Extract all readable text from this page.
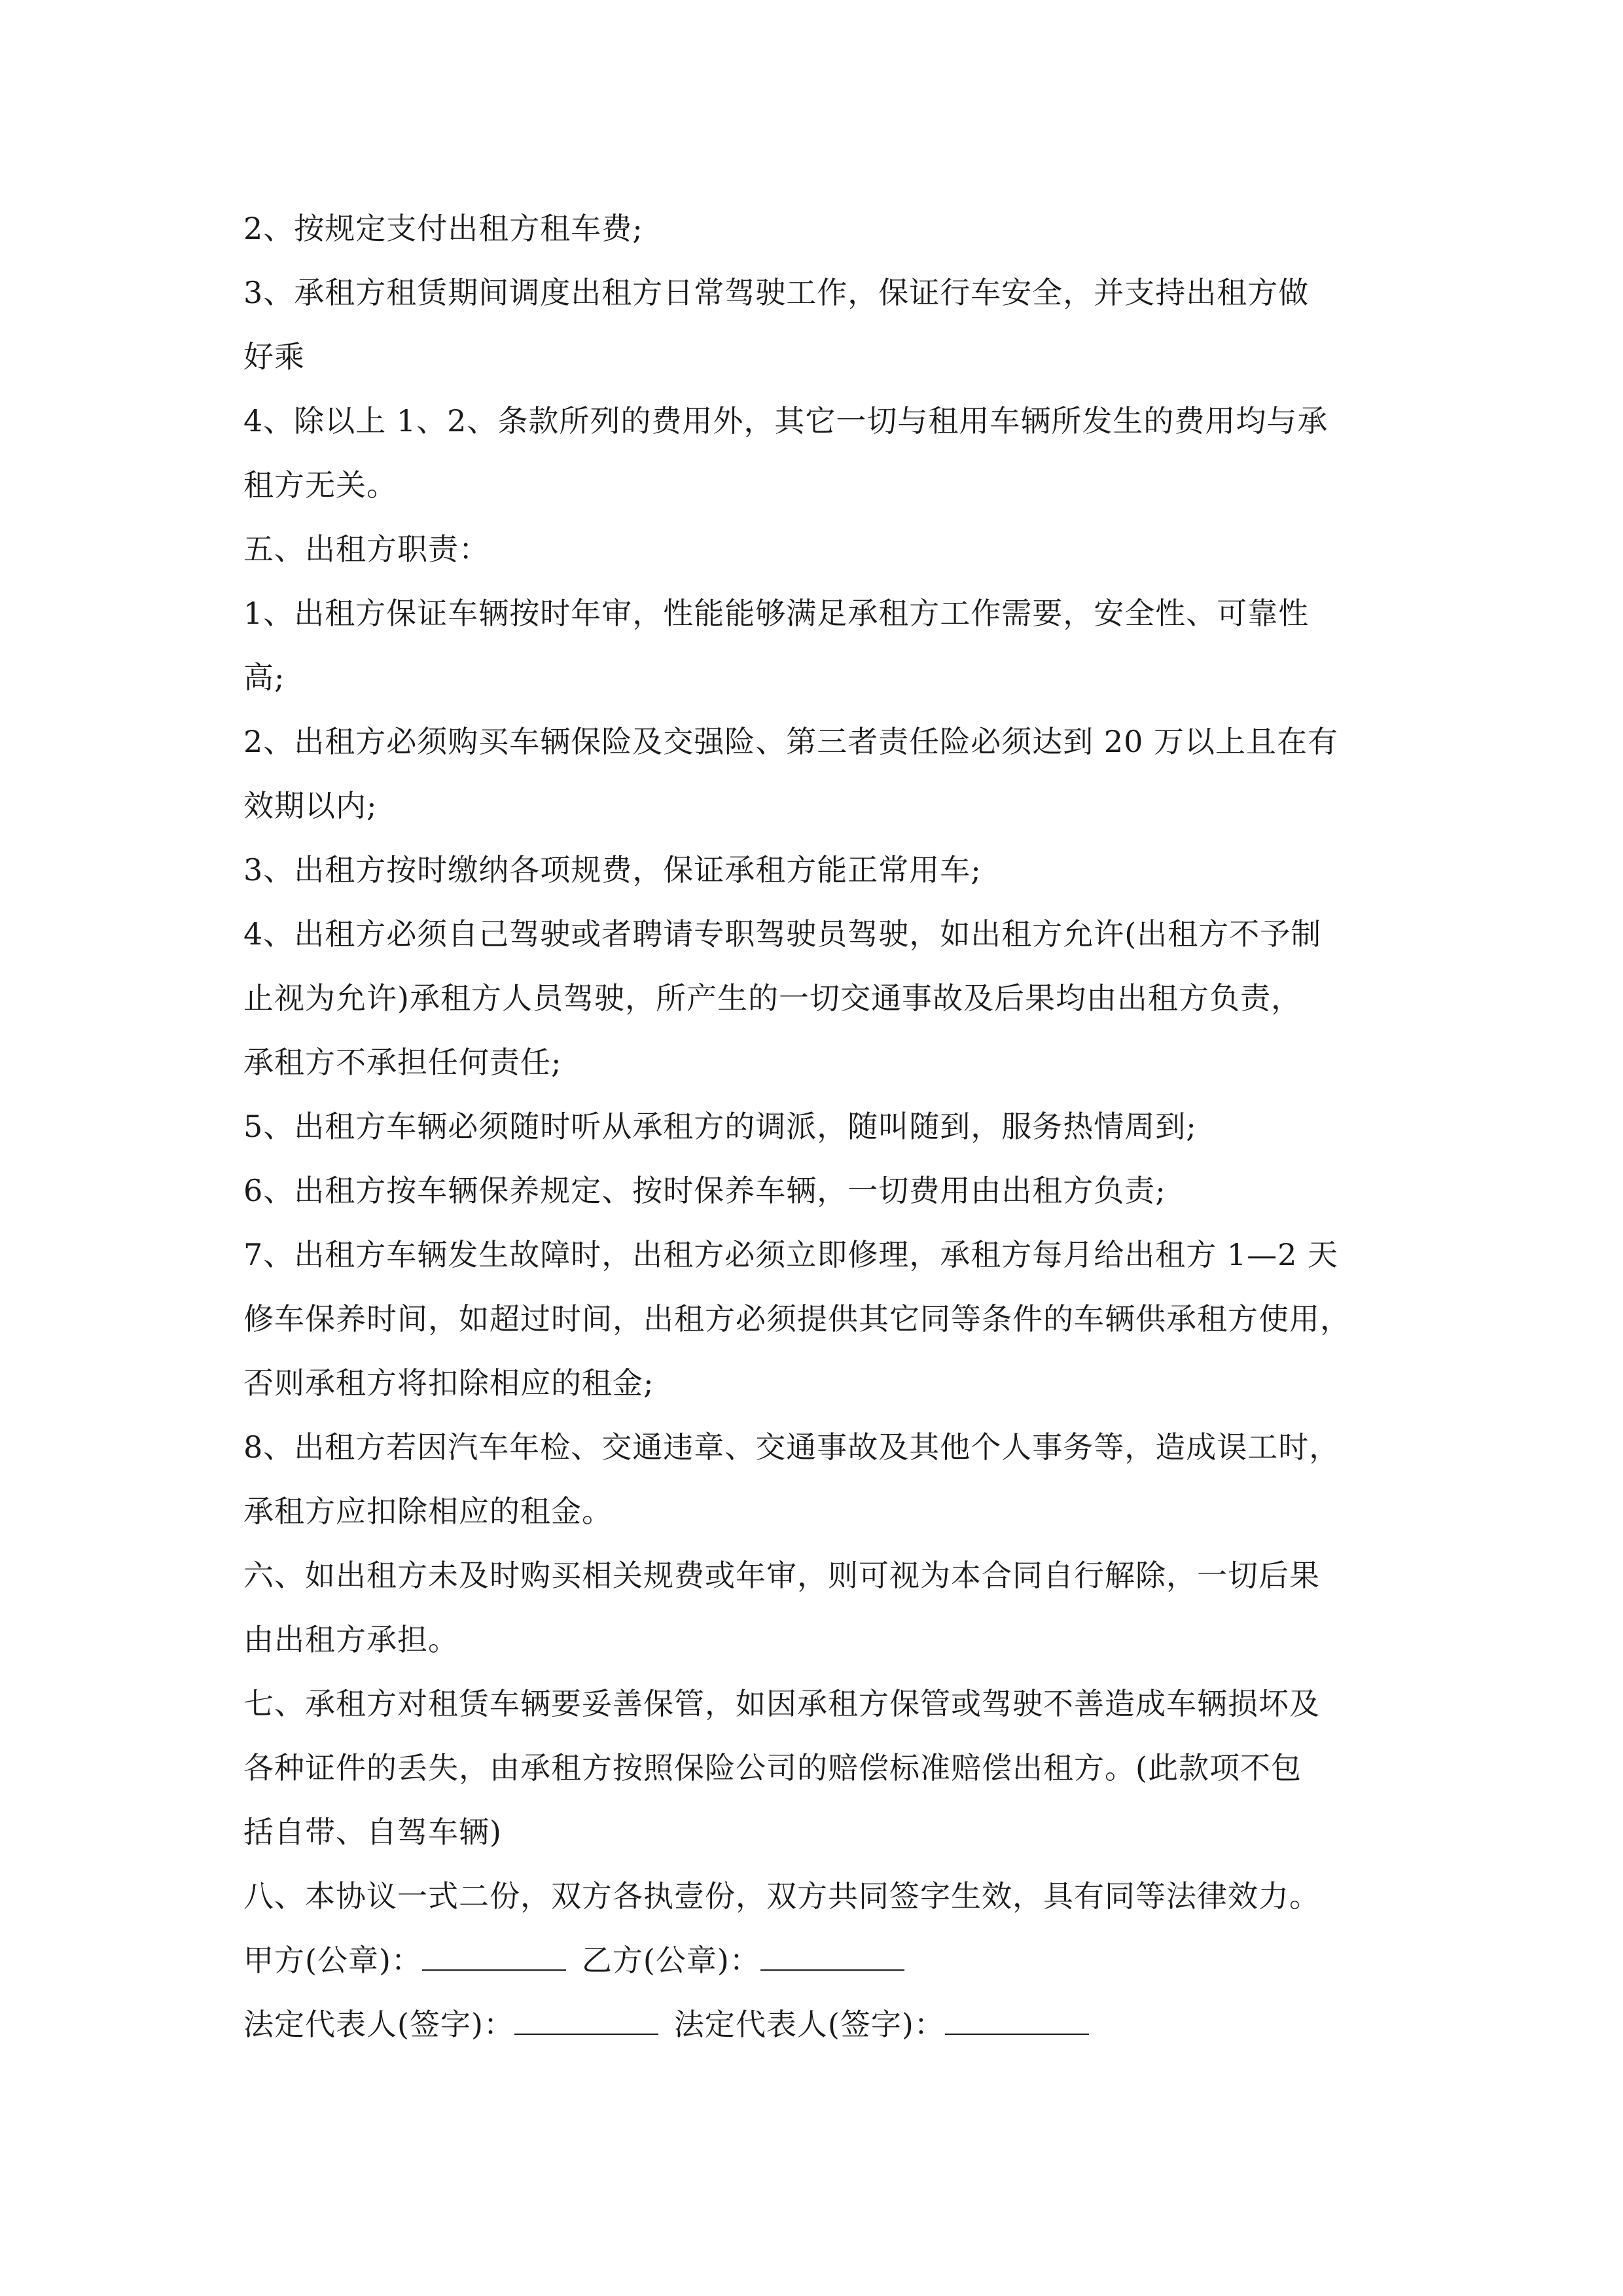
2、按规定支付出租方租车费;
3、承租方租赁期间调度出租方日常驾驶工作，保证行车安全，并支持出租方做
好乘
4、除以上 1、2、条款所列的费用外，其它一切与租用车辆所发生的费用均与承
租方无关。
五、出租方职责：
1、出租方保证车辆按时年审，性能能够满足承租方工作需要，安全性、可靠性
高;
2、出租方必须购买车辆保险及交强险、第三者责任险必须达到 20 万以上且在有
效期以内;
3、出租方按时缴纳各项规费，保证承租方能正常用车;
4、出租方必须自己驾驶或者聘请专职驾驶员驾驶，如出租方允许(出租方不予制
止视为允许)承租方人员驾驶，所产生的一切交通事故及后果均由出租方负责，
承租方不承担任何责任;
5、出租方车辆必须随时听从承租方的调派，随叫随到，服务热情周到;
6、出租方按车辆保养规定、按时保养车辆，一切费用由出租方负责;
7、出租方车辆发生故障时，出租方必须立即修理，承租方每月给出租方 1—2 天
修车保养时间，如超过时间，出租方必须提供其它同等条件的车辆供承租方使用，
否则承租方将扣除相应的租金;
8、出租方若因汽车年检、交通违章、交通事故及其他个人事务等，造成误工时，
承租方应扣除相应的租金。
六、如出租方未及时购买相关规费或年审，则可视为本合同自行解除，一切后果
由出租方承担。
七、承租方对租赁车辆要妥善保管，如因承租方保管或驾驶不善造成车辆损坏及
各种证件的丢失，由承租方按照保险公司的赔偿标准赔偿出租方。(此款项不包
括自带、自驾车辆)
八、本协议一式二份，双方各执壹份，双方共同签字生效，具有同等法律效力。
甲方(公章)：	乙方(公章)：
法定代表人(签字)：	法定代表人(签字)：
